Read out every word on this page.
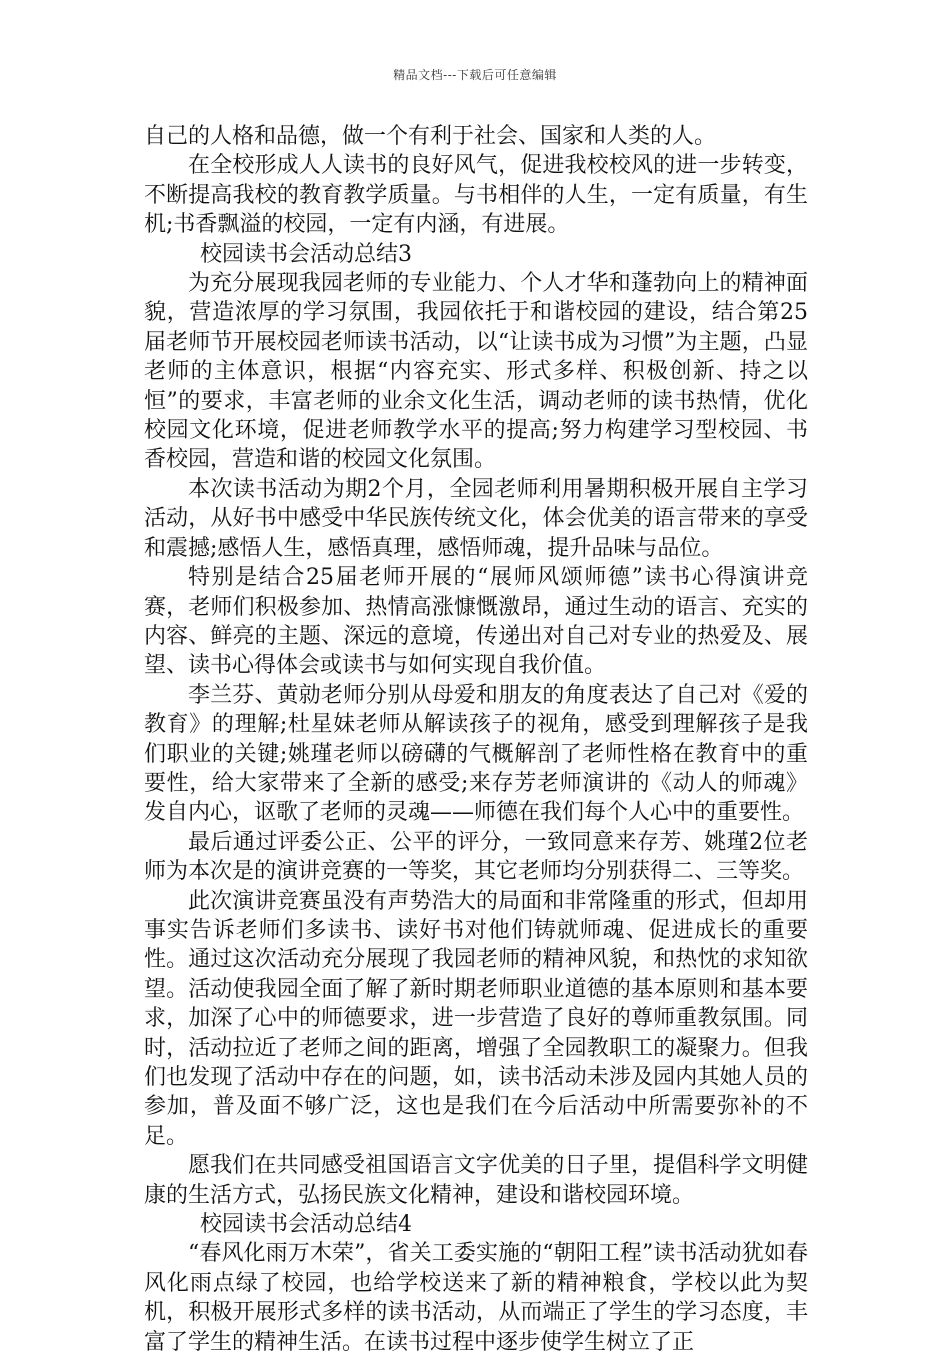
精品文档---下载后可任意编辑

自己的人格和品德，做一个有利于社会、国家和人类的人。

在全校形成人人读书的良好风气，促进我校校风的进一步转变，不断提高我校的教育教学质量。与书相伴的人生，一定有质量，有生机;书香飘溢的校园，一定有内涵，有进展。

校园读书会活动总结3

为充分展现我园老师的专业能力、个人才华和蓬勃向上的精神面貌，营造浓厚的学习氛围，我园依托于和谐校园的建设，结合第25届老师节开展校园老师读书活动，以“让读书成为习惯”为主题，凸显老师的主体意识，根据“内容充实、形式多样、积极创新、持之以恒”的要求，丰富老师的业余文化生活，调动老师的读书热情，优化校园文化环境，促进老师教学水平的提高;努力构建学习型校园、书香校园，营造和谐的校园文化氛围。

本次读书活动为期2个月，全园老师利用暑期积极开展自主学习活动，从好书中感受中华民族传统文化，体会优美的语言带来的享受和震撼;感悟人生，感悟真理，感悟师魂，提升品味与品位。

特别是结合25届老师开展的“展师风颂师德”读书心得演讲竞赛，老师们积极参加、热情高涨慷慨激昂，通过生动的语言、充实的内容、鲜亮的主题、深远的意境，传递出对自己对专业的热爱及、展望、读书心得体会或读书与如何实现自我价值。

李兰芬、黄勍老师分别从母爱和朋友的角度表达了自己对《爱的教育》的理解;杜星妹老师从解读孩子的视角，感受到理解孩子是我们职业的关键;姚瑾老师以磅礴的气概解剖了老师性格在教育中的重要性，给大家带来了全新的感受;来存芳老师演讲的《动人的师魂》发自内心，讴歌了老师的灵魂——师德在我们每个人心中的重要性。

最后通过评委公正、公平的评分，一致同意来存芳、姚瑾2位老师为本次是的演讲竞赛的一等奖，其它老师均分别获得二、三等奖。

此次演讲竞赛虽没有声势浩大的局面和非常隆重的形式，但却用事实告诉老师们多读书、读好书对他们铸就师魂、促进成长的重要性。通过这次活动充分展现了我园老师的精神风貌，和热忱的求知欲望。活动使我园全面了解了新时期老师职业道德的基本原则和基本要求，加深了心中的师德要求，进一步营造了良好的尊师重教氛围。同时，活动拉近了老师之间的距离，增强了全园教职工的凝聚力。但我们也发现了活动中存在的问题，如，读书活动未涉及园内其她人员的参加，普及面不够广泛，这也是我们在今后活动中所需要弥补的不足。

愿我们在共同感受祖国语言文字优美的日子里，提倡科学文明健康的生活方式，弘扬民族文化精神，建设和谐校园环境。

校园读书会活动总结4

“春风化雨万木荣”，省关工委实施的“朝阳工程”读书活动犹如春风化雨点绿了校园，也给学校送来了新的精神粮食，学校以此为契机，积极开展形式多样的读书活动，从而端正了学生的学习态度，丰富了学生的精神生活。在读书过程中逐步使学生树立了正
